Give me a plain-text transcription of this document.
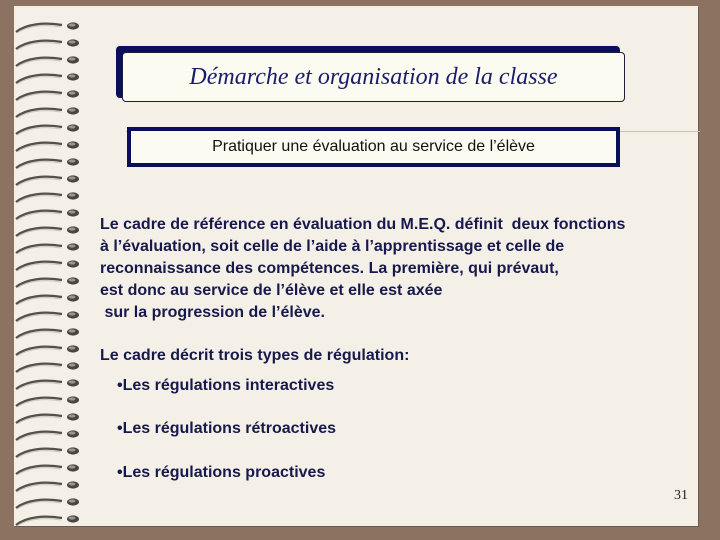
Démarche et organisation de la classe
Pratiquer une évaluation au service de l’élève
Le cadre de référence en évaluation du M.E.Q. définit  deux fonctions
à l’évaluation, soit celle de l’aide à l’apprentissage et celle de
reconnaissance des compétences. La première, qui prévaut,
est donc au service de l’élève et elle est axée
sur la progression de l’élève.
Le cadre décrit trois types de régulation:
•Les régulations interactives
•Les régulations rétroactives
•Les régulations proactives
31
